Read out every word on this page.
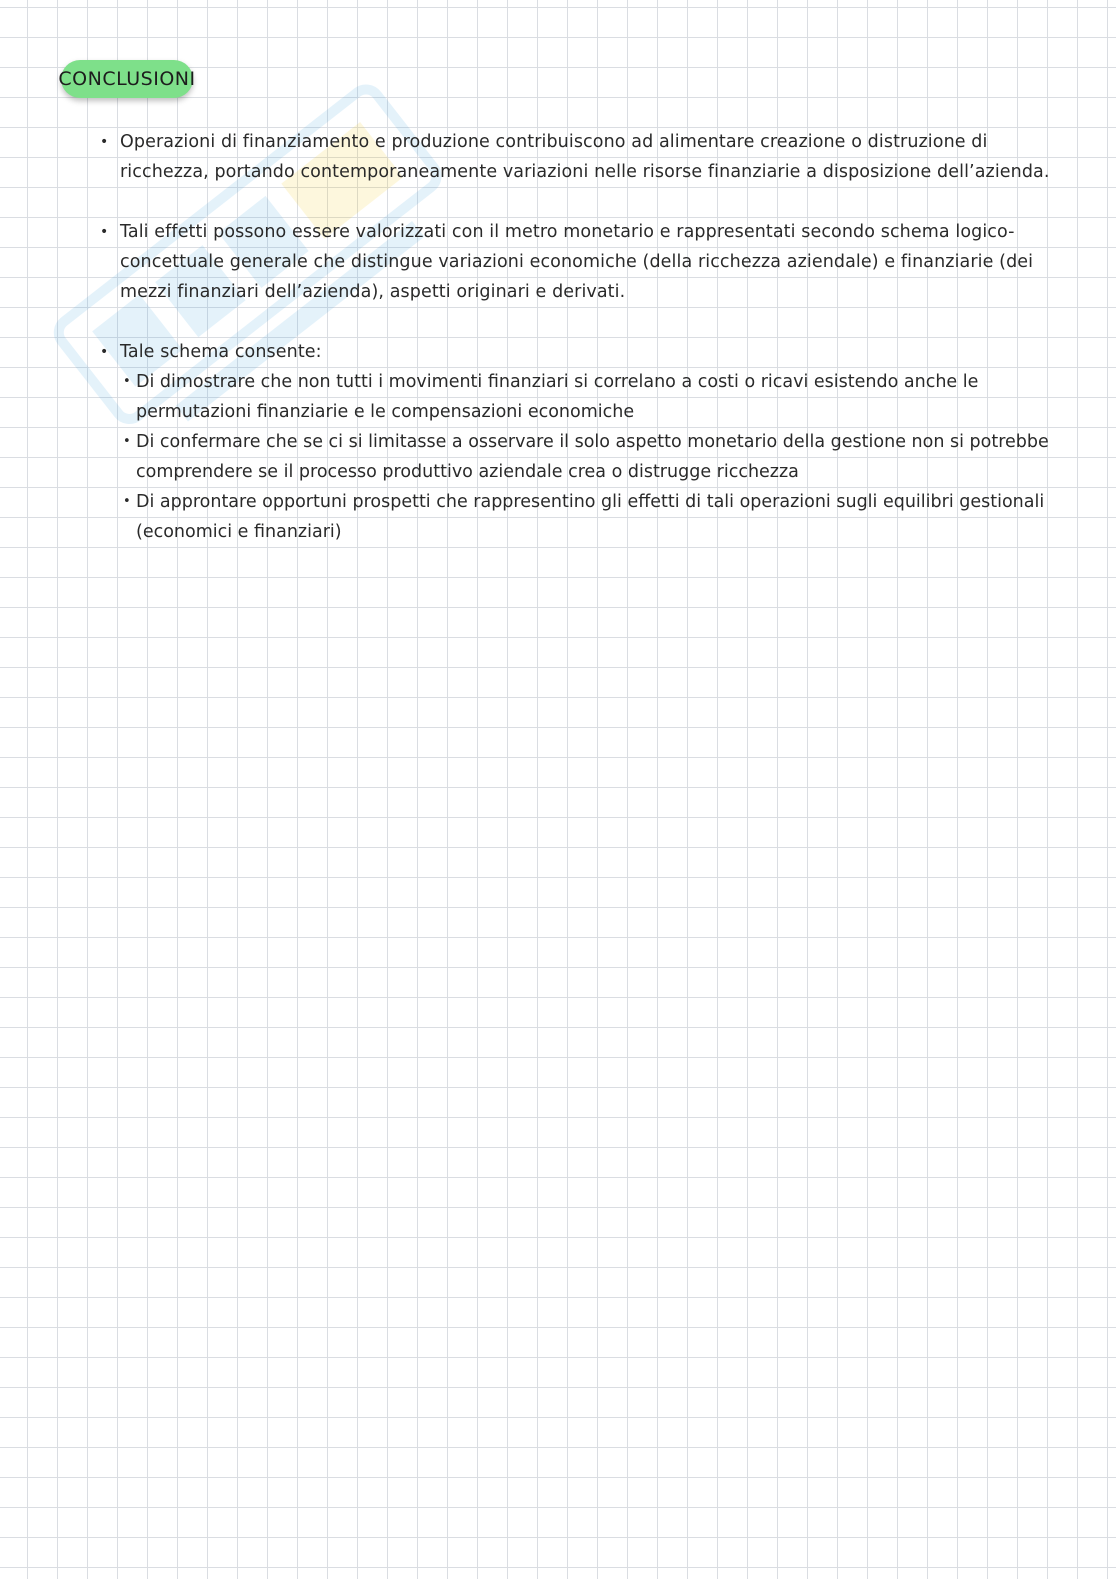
CONCLUSIONI
• Operazioni di finanziamento e produzione contribuiscono ad alimentare creazione o distruzione di ricchezza, portando contemporaneamente variazioni nelle risorse finanziarie a disposizione dell’azienda.
• Tali effetti possono essere valorizzati con il metro monetario e rappresentati secondo schema logico-concettuale generale che distingue variazioni economiche (della ricchezza aziendale) e finanziarie (dei mezzi finanziari dell’azienda), aspetti originari e derivati.
• Tale schema consente:
• Di dimostrare che non tutti i movimenti finanziari si correlano a costi o ricavi esistendo anche le permutazioni finanziarie e le compensazioni economiche
• Di confermare che se ci si limitasse a osservare il solo aspetto monetario della gestione non si potrebbe comprendere se il processo produttivo aziendale crea o distrugge ricchezza
• Di approntare opportuni prospetti che rappresentino gli effetti di tali operazioni sugli equilibri gestionali (economici e finanziari)
